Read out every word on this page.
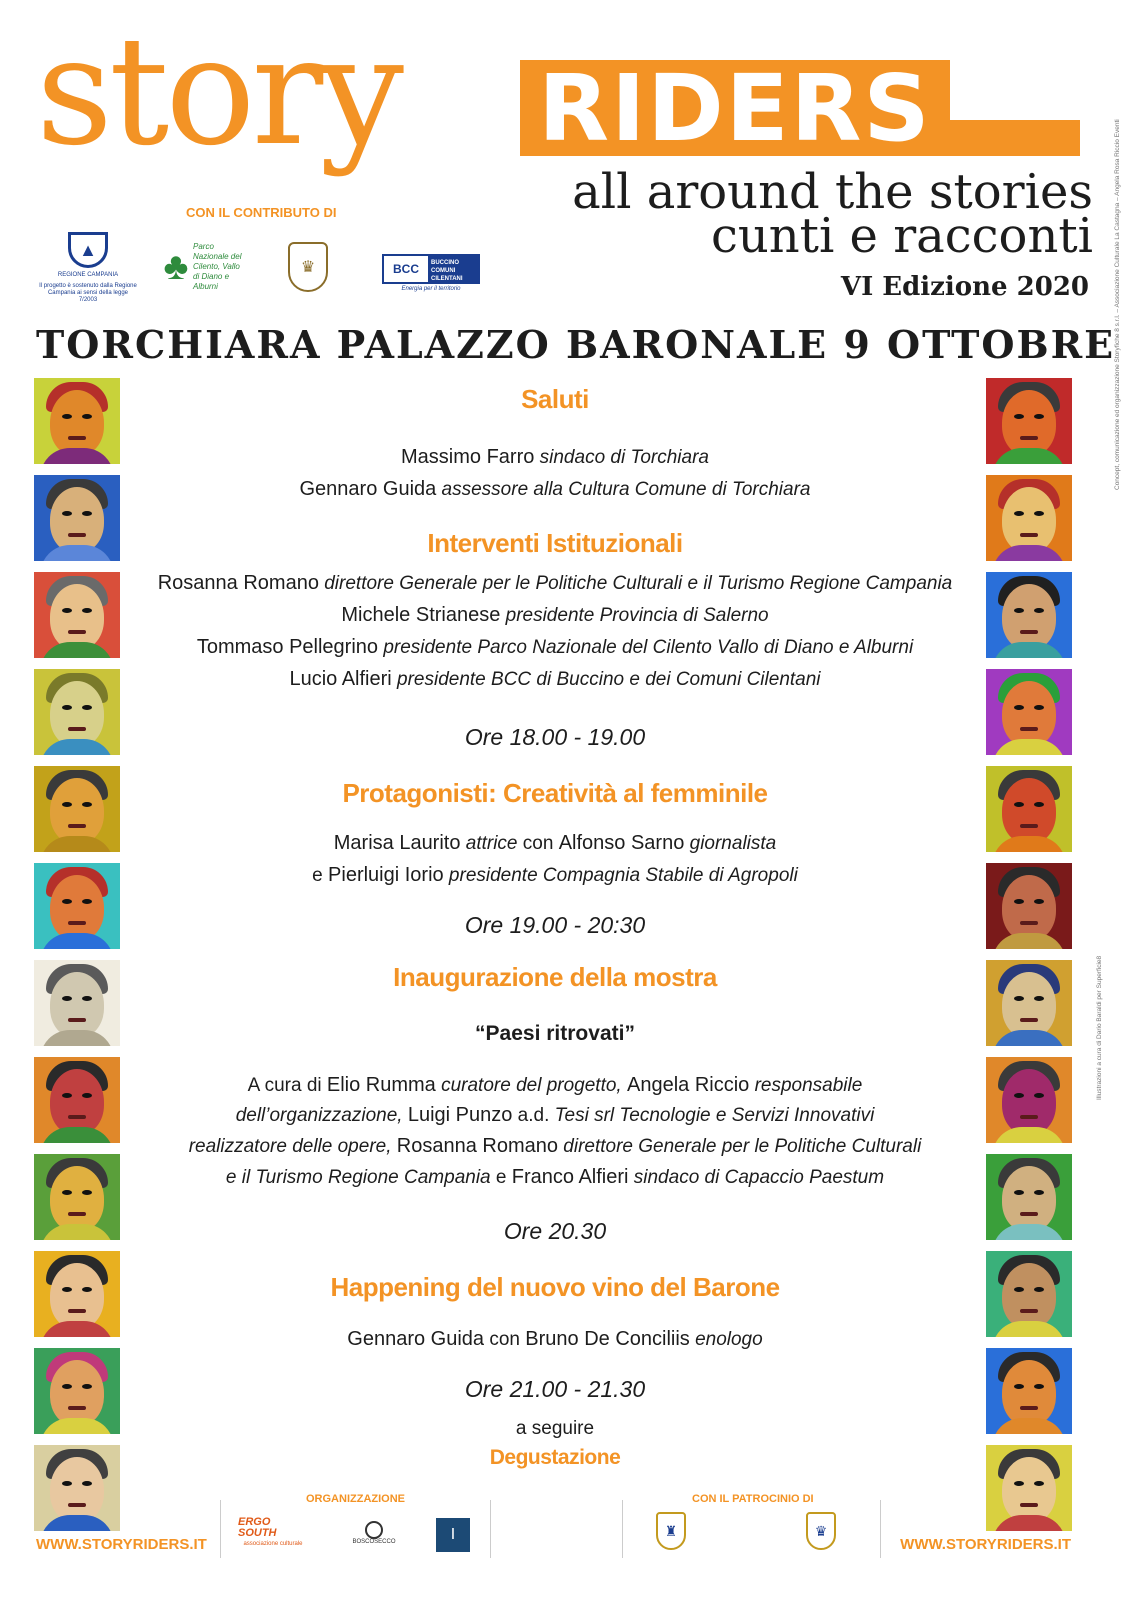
story RIDERS
all around the stories
cunti e racconti
VI Edizione 2020
CON IL CONTRIBUTO DI
▲
REGIONE CAMPANIA
Il progetto è sostenuto dalla Regione Campania ai sensi della legge 7/2003
♣ Parco Nazionale del Cilento, Vallo di Diano e Alburni
♛	BCC	BUCCINO COMUNI CILENTANI
Energia per il territorio	Concept, comunicazione ed organizzazione Storyfiche 8 s.r.l. – Associazione Culturale La Castagna – Angela Rosa Riccio Eventi
Illustrazioni a cura di Dario Baraldi per Superficie8
TORCHIARA PALAZZO BARONALE 9 OTTOBRE
Saluti
Massimo Farro sindaco di Torchiara
Gennaro Guida assessore alla Cultura Comune di Torchiara
Interventi Istituzionali
Rosanna Romano direttore Generale per le Politiche Culturali e il Turismo Regione Campania
Michele Strianese presidente Provincia di Salerno
Tommaso Pellegrino presidente Parco Nazionale del Cilento Vallo di Diano e Alburni
Lucio Alfieri presidente BCC di Buccino e dei Comuni Cilentani
Ore 18.00 - 19.00
Protagonisti: Creatività al femminile
Marisa Laurito attrice con Alfonso Sarno giornalista
e Pierluigi Iorio presidente Compagnia Stabile di Agropoli
Ore 19.00 - 20:30
Inaugurazione della mostra
“Paesi ritrovati”
A cura di Elio Rumma curatore del progetto, Angela Riccio responsabile
dell’organizzazione, Luigi Punzo a.d. Tesi srl Tecnologie e Servizi Innovativi
realizzatore delle opere, Rosanna Romano direttore Generale per le Politiche Culturali
e il Turismo Regione Campania e Franco Alfieri sindaco di Capaccio Paestum
Ore 20.30
Happening del nuovo vino del Barone
Gennaro Guida con Bruno De Conciliis enologo
Ore 21.00 - 21.30
a seguire
Degustazione
WWW.STORYRIDERS.IT
ORGANIZZAZIONE
ERGO SOUTH
associazione culturale	BOSCOSECCO	I
CON IL PATROCINIO DI
♜	♛
WWW.STORYRIDERS.IT
